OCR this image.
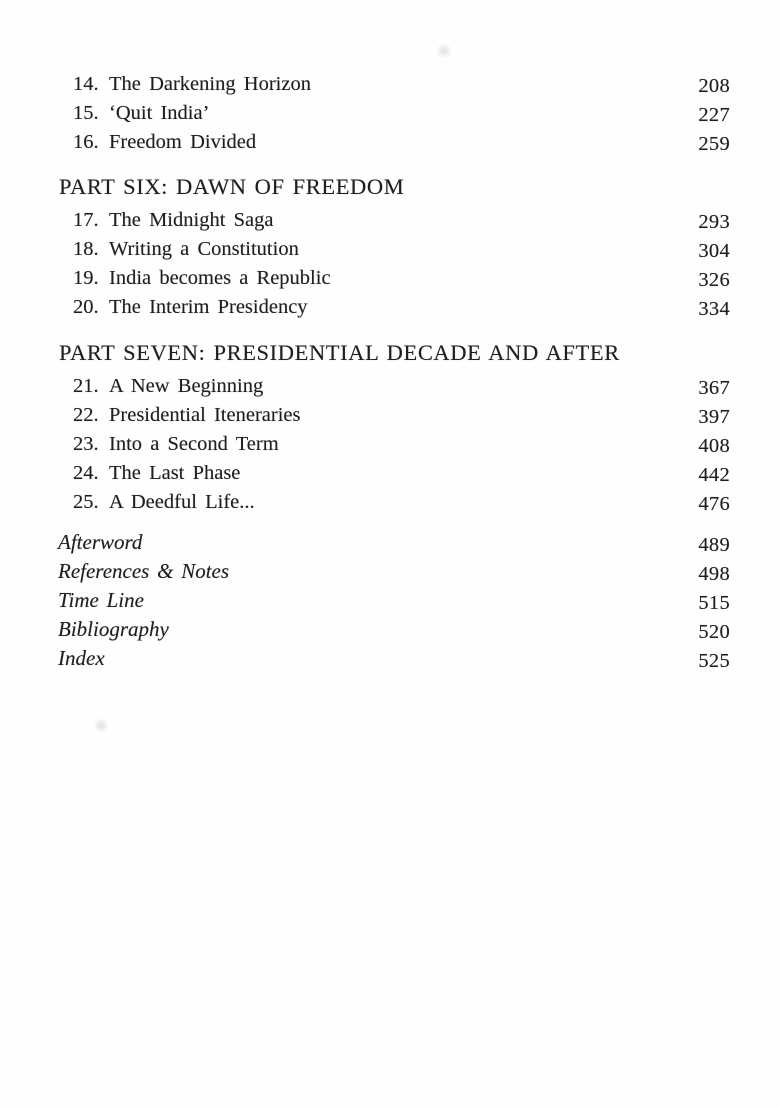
14. The Darkening Horizon	208
15. ‘Quit India’	227
16. Freedom Divided	259
PART SIX: DAWN OF FREEDOM
17. The Midnight Saga	293
18. Writing a Constitution	304
19. India becomes a Republic	326
20. The Interim Presidency	334
PART SEVEN: PRESIDENTIAL DECADE AND AFTER
21. A New Beginning	367
22. Presidential Iteneraries	397
23. Into a Second Term	408
24. The Last Phase	442
25. A Deedful Life...	476
Afterword	489
References & Notes	498
Time Line	515
Bibliography	520
Index	525
